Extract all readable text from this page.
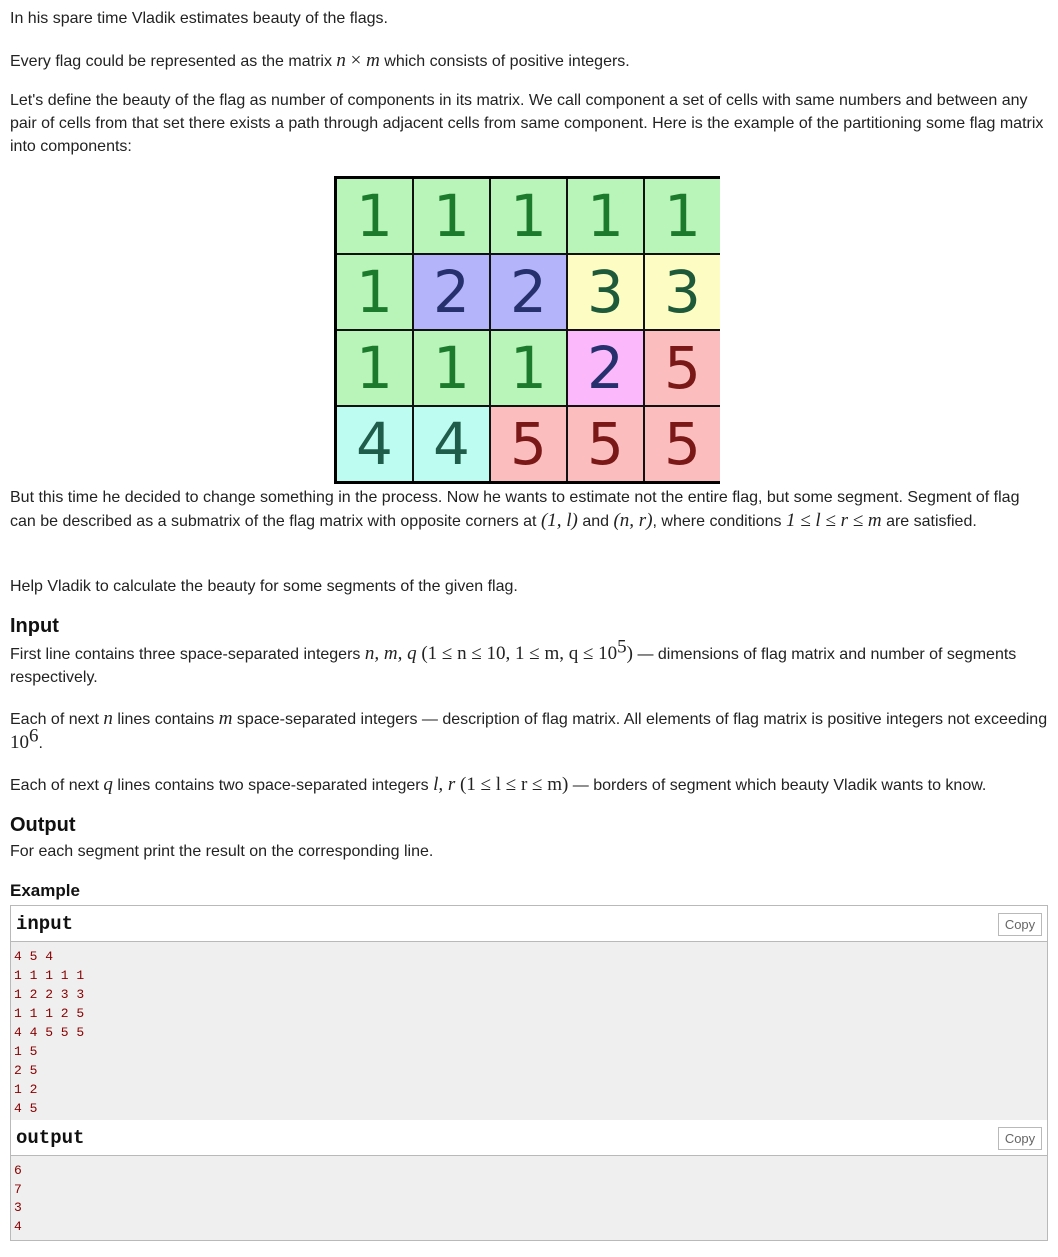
In his spare time Vladik estimates beauty of the flags.

Every flag could be represented as the matrix n × m which consists of positive integers.

Let's define the beauty of the flag as number of components in its matrix. We call component a set of cells with same numbers and between any pair of cells from that set there exists a path through adjacent cells from same component. Here is the example of the partitioning some flag matrix into components:

1 1 1 1 1
1 2 2 3 3
1 1 1 2 5
4 4 5 5 5

But this time he decided to change something in the process. Now he wants to estimate not the entire flag, but some segment. Segment of flag can be described as a submatrix of the flag matrix with opposite corners at (1, l) and (n, r), where conditions 1 ≤ l ≤ r ≤ m are satisfied.

Help Vladik to calculate the beauty for some segments of the given flag.

Input

First line contains three space-separated integers n, m, q (1 ≤ n ≤ 10, 1 ≤ m, $q \le 10^5$) — dimensions of flag matrix and number of segments respectively.

Each of next n lines contains m space-separated integers — description of flag matrix. All elements of flag matrix is positive integers not exceeding $10^6$.

Each of next q lines contains two space-separated integers l, r (1 ≤ l ≤ r ≤ m) — borders of segment which beauty Vladik wants to know.

Output

For each segment print the result on the corresponding line.

Example
input	Copy
4 5 4
1 1 1 1 1
1 2 2 3 3
1 1 1 2 5
4 4 5 5 5
1 5
2 5
1 2
4 5
output	Copy
6
7
3
4
